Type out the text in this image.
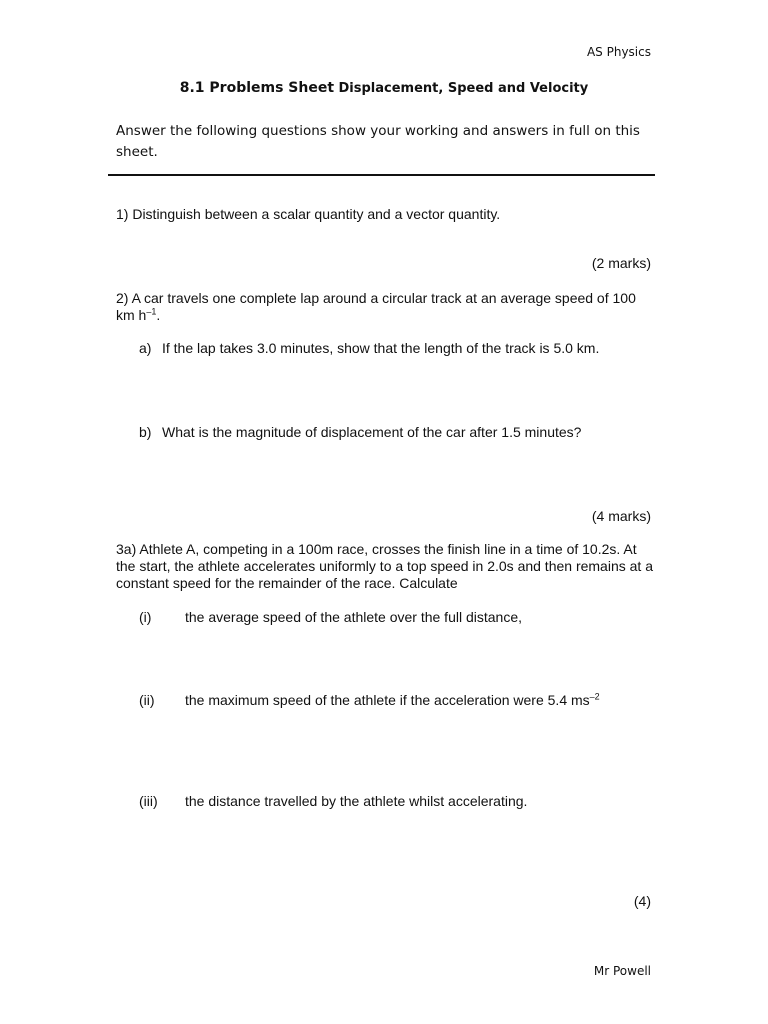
AS Physics
8.1 Problems Sheet Displacement, Speed and Velocity
Answer the following questions show your working and answers in full on this sheet.
1) Distinguish between a scalar quantity and a vector quantity.
(2 marks)
2) A car travels one complete lap around a circular track at an average speed of 100 km $h^{-1}$.
a) If the lap takes 3.0 minutes, show that the length of the track is 5.0 km.
b) What is the magnitude of displacement of the car after 1.5 minutes?
(4 marks)
3a) Athlete A, competing in a 100m race, crosses the finish line in a time of 10.2s. At the start, the athlete accelerates uniformly to a top speed in 2.0s and then remains at a constant speed for the remainder of the race. Calculate
(i) the average speed of the athlete over the full distance,
(ii) the maximum speed of the athlete if the acceleration were 5.4 $ms^{-2}$
(iii) the distance travelled by the athlete whilst accelerating.
(4)
Mr Powell
